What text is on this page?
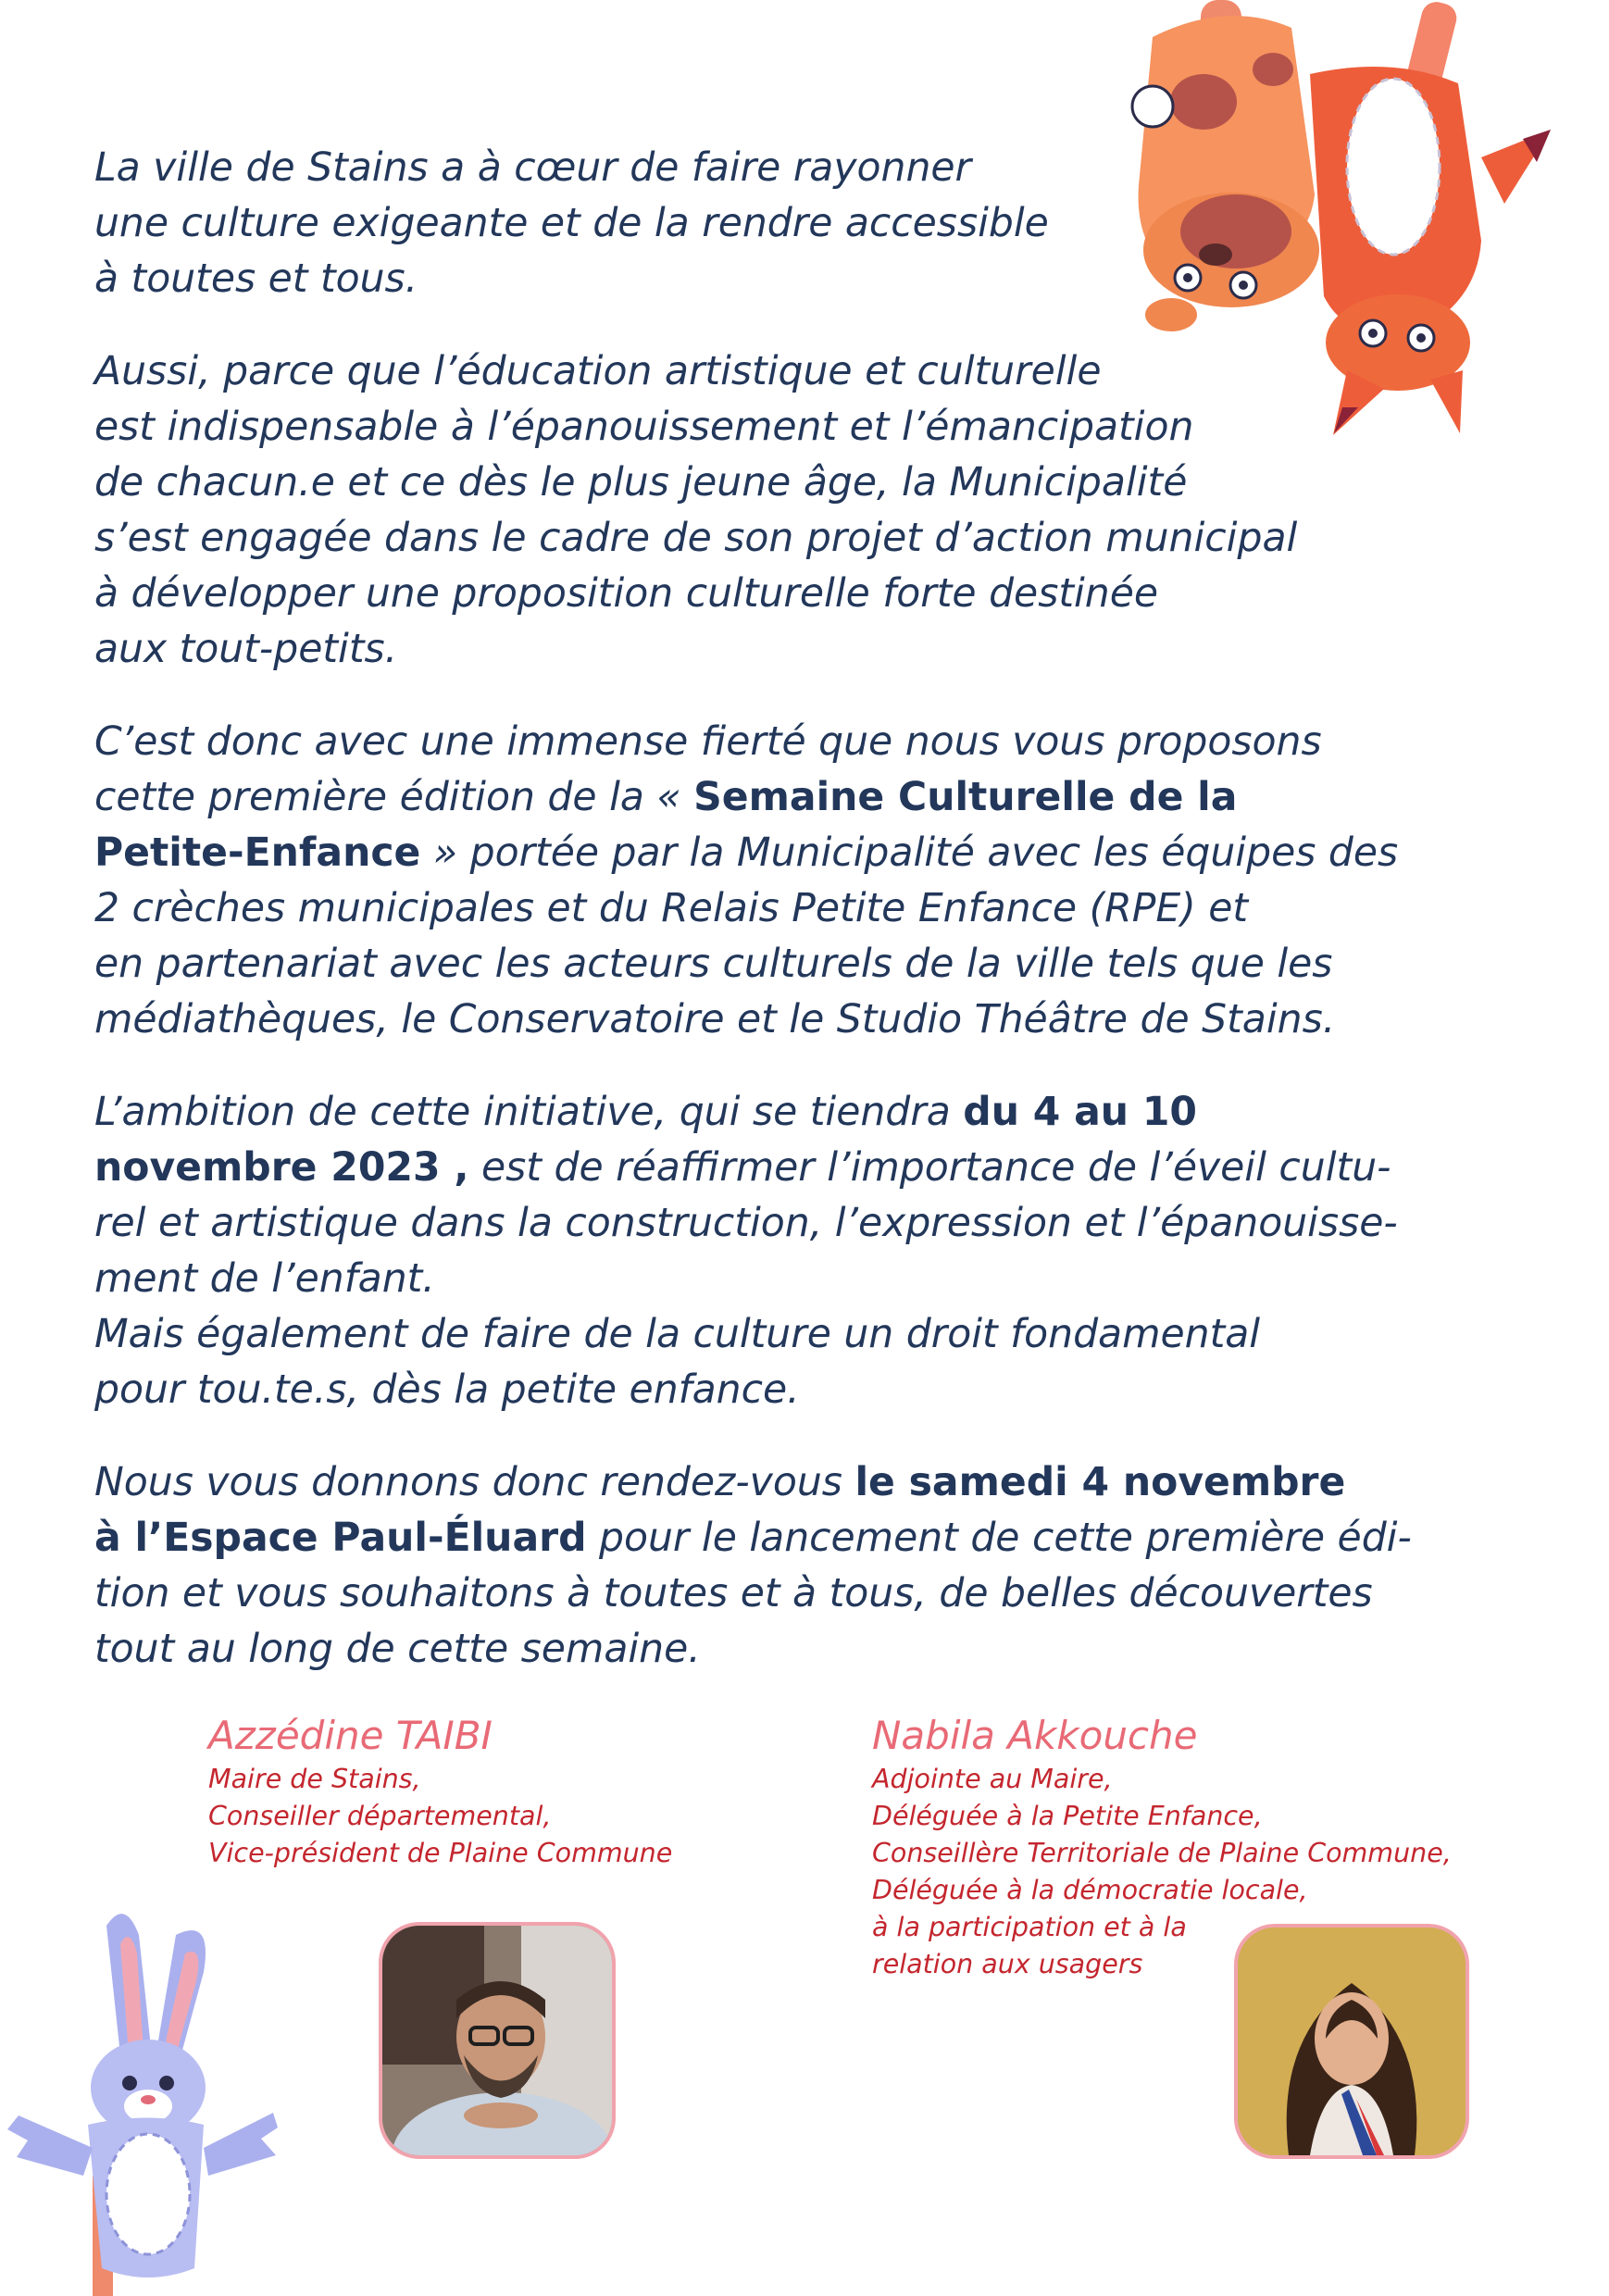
La ville de Stains a à cœur de faire rayonner
une culture exigeante et de la rendre accessible
à toutes et tous.

Aussi, parce que l’éducation artistique et culturelle
est indispensable à l’épanouissement et l’émancipation
de chacun.e et ce dès le plus jeune âge, la Municipalité
s’est engagée dans le cadre de son projet d’action municipal
à développer une proposition culturelle forte destinée
aux tout-petits.

C’est donc avec une immense fierté que nous vous proposons
cette première édition de la « Semaine Culturelle de la
Petite-Enfance » portée par la Municipalité avec les équipes des
2 crèches municipales et du Relais Petite Enfance (RPE) et
en partenariat avec les acteurs culturels de la ville tels que les
médiathèques, le Conservatoire et le Studio Théâtre de Stains.

L’ambition de cette initiative, qui se tiendra du 4 au 10
novembre 2023 , est de réaffirmer l’importance de l’éveil cultu-
rel et artistique dans la construction, l’expression et l’épanouisse-
ment de l’enfant.
Mais également de faire de la culture un droit fondamental
pour tou.te.s, dès la petite enfance.

Nous vous donnons donc rendez-vous le samedi 4 novembre
à l’Espace Paul-Éluard pour le lancement de cette première édi-
tion et vous souhaitons à toutes et à tous, de belles découvertes
tout au long de cette semaine.

Azzédine TAIBI
Maire de Stains,
Conseiller départemental,
Vice-président de Plaine Commune
Nabila Akkouche
Adjointe au Maire,
Déléguée à la Petite Enfance,
Conseillère Territoriale de Plaine Commune,
Déléguée à la démocratie locale,
à la participation et à la
relation aux usagers
